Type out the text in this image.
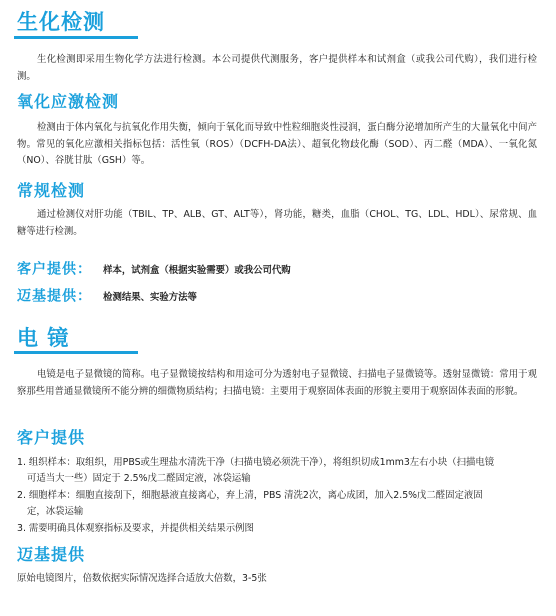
生化检测

生化检测即采用生物化学方法进行检测。本公司提供代测服务，客户提供样本和试剂盒（或我公司代购），我们进行检测。

氧化应激检测

检测由于体内氧化与抗氧化作用失衡，倾向于氧化而导致中性粒细胞炎性浸润，蛋白酶分泌增加所产生的大量氧化中间产物。常见的氧化应激相关指标包括：活性氧（ROS）（DCFH-DA法）、超氧化物歧化酶（SOD）、丙二醛（MDA）、一氧化氮（NO）、谷胱甘肽（GSH）等。

常规检测

通过检测仪对肝功能（TBIL、TP、ALB、GT、ALT等），肾功能，糖类，血脂（CHOL、TG、LDL、HDL）、尿常规、血糖等进行检测。

客户提供： 样本，试剂盒（根据实验需要）或我公司代购
迈基提供： 检测结果、实验方法等
电 镜

电镜是电子显微镜的简称。电子显微镜按结构和用途可分为透射电子显微镜、扫描电子显微镜等。透射显微镜：常用于观察那些用普通显微镜所不能分辨的细微物质结构；扫描电镜：主要用于观察固体表面的形貌主要用于观察固体表面的形貌。

客户提供

1. 组织样本：取组织，用PBS或生理盐水清洗干净（扫描电镜必须洗干净），将组织切成1mm3左右小块（扫描电镜
可适当大一些）固定于 2.5%戊二醛固定液，冰袋运输

2. 细胞样本：细胞直接刮下，细胞悬液直接离心，弃上清，PBS 清洗2次，离心成团，加入2.5%戊二醛固定液固
定，冰袋运输

3. 需要明确具体观察指标及要求，并提供相关结果示例图

迈基提供
原始电镜图片，倍数依据实际情况选择合适放大倍数，3-5张
